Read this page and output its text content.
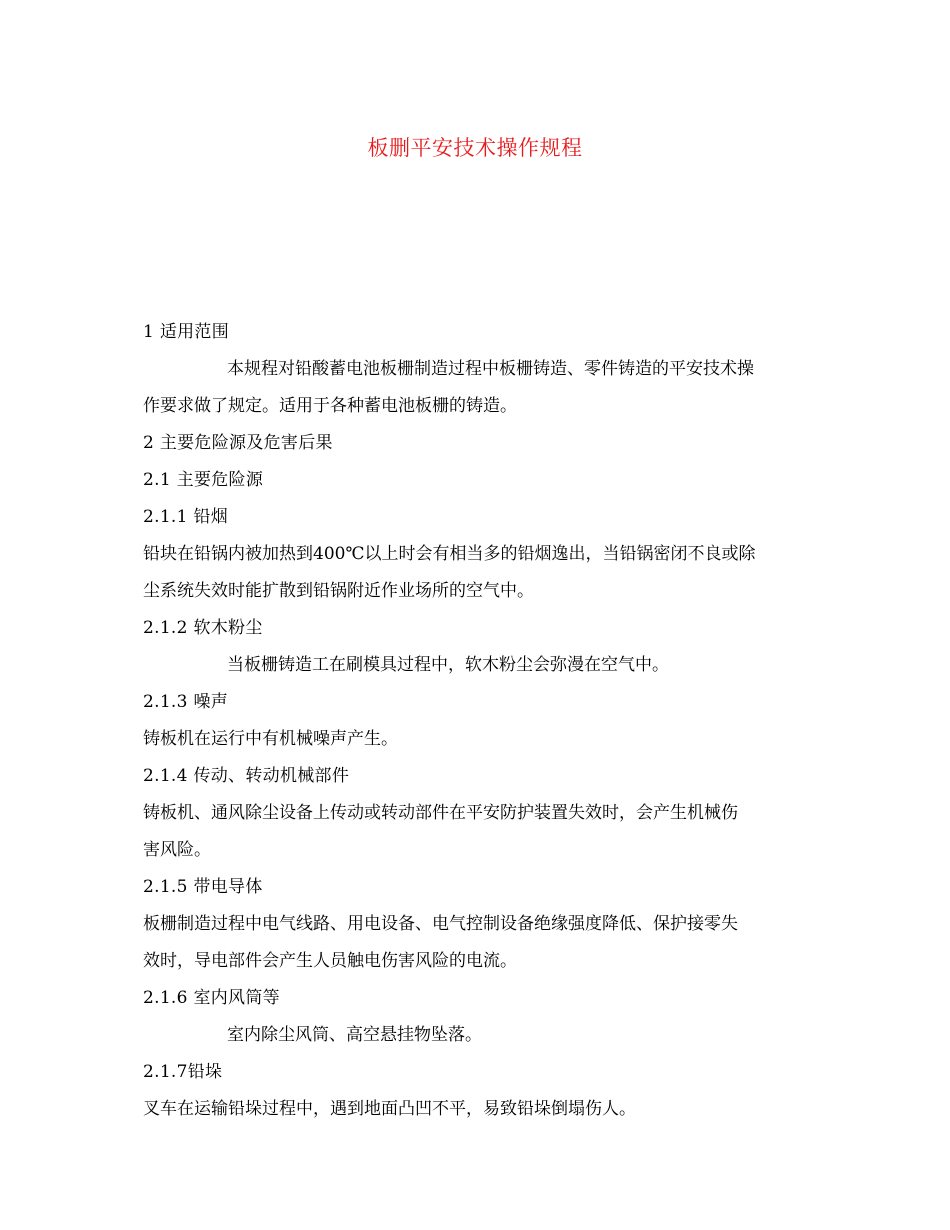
板删平安技术操作规程

1 适用范围

本规程对铅酸蓄电池板栅制造过程中板栅铸造、零件铸造的平安技术操

作要求做了规定。适用于各种蓄电池板栅的铸造。

2 主要危险源及危害后果

2.1 主要危险源

2.1.1 铅烟

铅块在铅锅内被加热到400℃以上时会有相当多的铅烟逸出，当铅锅密闭不良或除

尘系统失效时能扩散到铅锅附近作业场所的空气中。

2.1.2 软木粉尘

当板栅铸造工在刷模具过程中，软木粉尘会弥漫在空气中。

2.1.3 噪声

铸板机在运行中有机械噪声产生。

2.1.4 传动、转动机械部件

铸板机、通风除尘设备上传动或转动部件在平安防护装置失效时，会产生机械伤

害风险。

2.1.5 带电导体

板栅制造过程中电气线路、用电设备、电气控制设备绝缘强度降低、保护接零失

效时，导电部件会产生人员触电伤害风险的电流。

2.1.6 室内风筒等

室内除尘风筒、高空悬挂物坠落。

2.1.7铅垛

叉车在运输铅垛过程中，遇到地面凸凹不平，易致铅垛倒塌伤人。
